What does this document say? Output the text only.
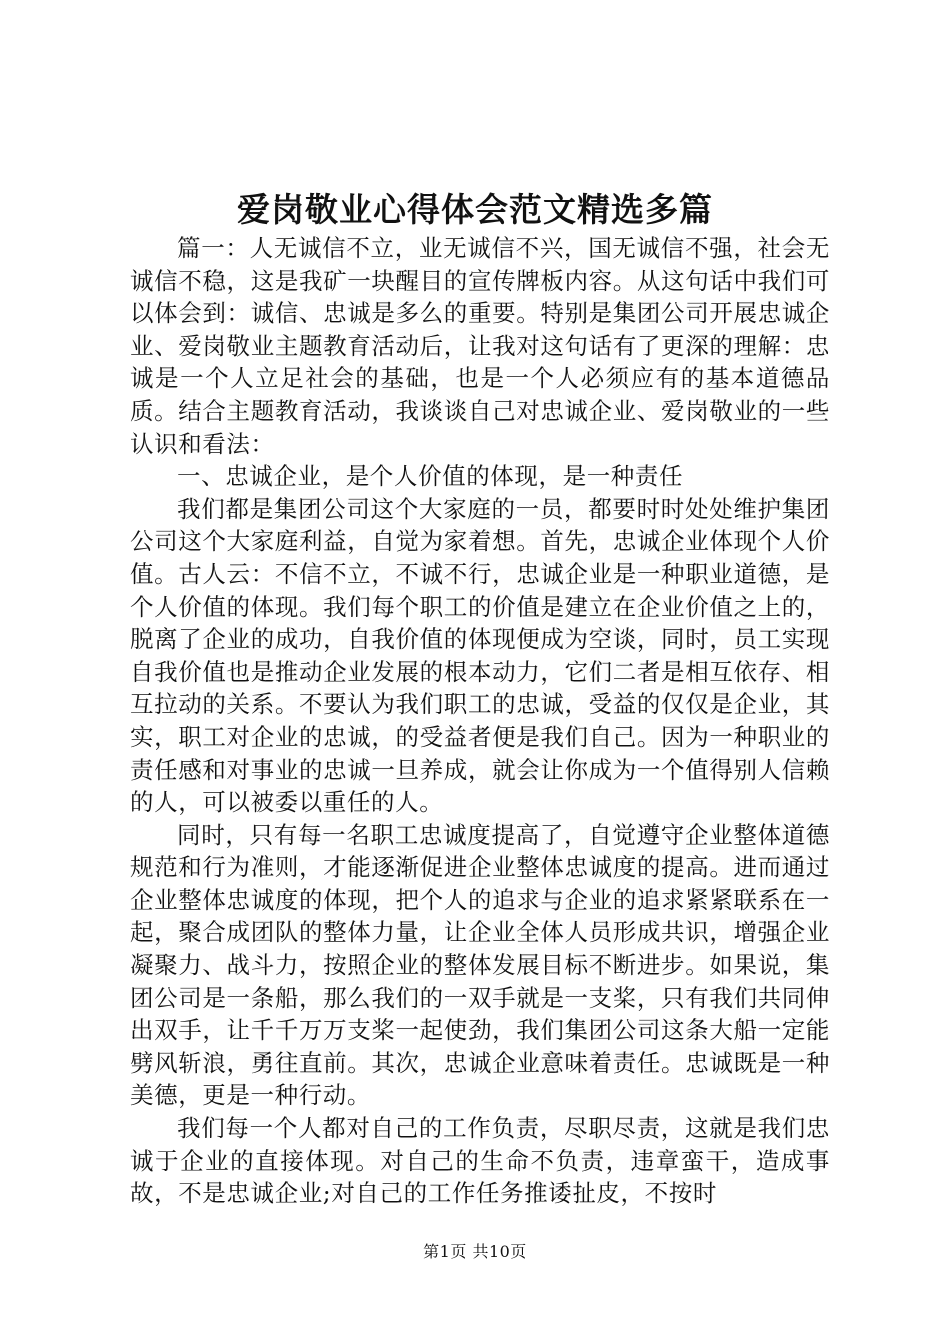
爱岗敬业心得体会范文精选多篇

篇一：人无诚信不立，业无诚信不兴，国无诚信不强，社会无诚信不稳，这是我矿一块醒目的宣传牌板内容。从这句话中我们可以体会到：诚信、忠诚是多么的重要。特别是集团公司开展忠诚企业、爱岗敬业主题教育活动后，让我对这句话有了更深的理解：忠诚是一个人立足社会的基础，也是一个人必须应有的基本道德品质。结合主题教育活动，我谈谈自己对忠诚企业、爱岗敬业的一些认识和看法：

一、忠诚企业，是个人价值的体现，是一种责任

我们都是集团公司这个大家庭的一员，都要时时处处维护集团公司这个大家庭利益，自觉为家着想。首先，忠诚企业体现个人价值。古人云：不信不立，不诚不行，忠诚企业是一种职业道德，是个人价值的体现。我们每个职工的价值是建立在企业价值之上的，脱离了企业的成功，自我价值的体现便成为空谈，同时，员工实现自我价值也是推动企业发展的根本动力，它们二者是相互依存、相互拉动的关系。不要认为我们职工的忠诚，受益的仅仅是企业，其实，职工对企业的忠诚，的受益者便是我们自己。因为一种职业的责任感和对事业的忠诚一旦养成，就会让你成为一个值得别人信赖的人，可以被委以重任的人。

同时，只有每一名职工忠诚度提高了，自觉遵守企业整体道德规范和行为准则，才能逐渐促进企业整体忠诚度的提高。进而通过企业整体忠诚度的体现，把个人的追求与企业的追求紧紧联系在一起，聚合成团队的整体力量，让企业全体人员形成共识，增强企业凝聚力、战斗力，按照企业的整体发展目标不断进步。如果说，集团公司是一条船，那么我们的一双手就是一支桨，只有我们共同伸出双手，让千千万万支桨一起使劲，我们集团公司这条大船一定能劈风斩浪，勇往直前。其次，忠诚企业意味着责任。忠诚既是一种美德，更是一种行动。

我们每一个人都对自己的工作负责，尽职尽责，这就是我们忠诚于企业的直接体现。对自己的生命不负责，违章蛮干，造成事故，不是忠诚企业;对自己的工作任务推诿扯皮，不按时

第1页 共10页
